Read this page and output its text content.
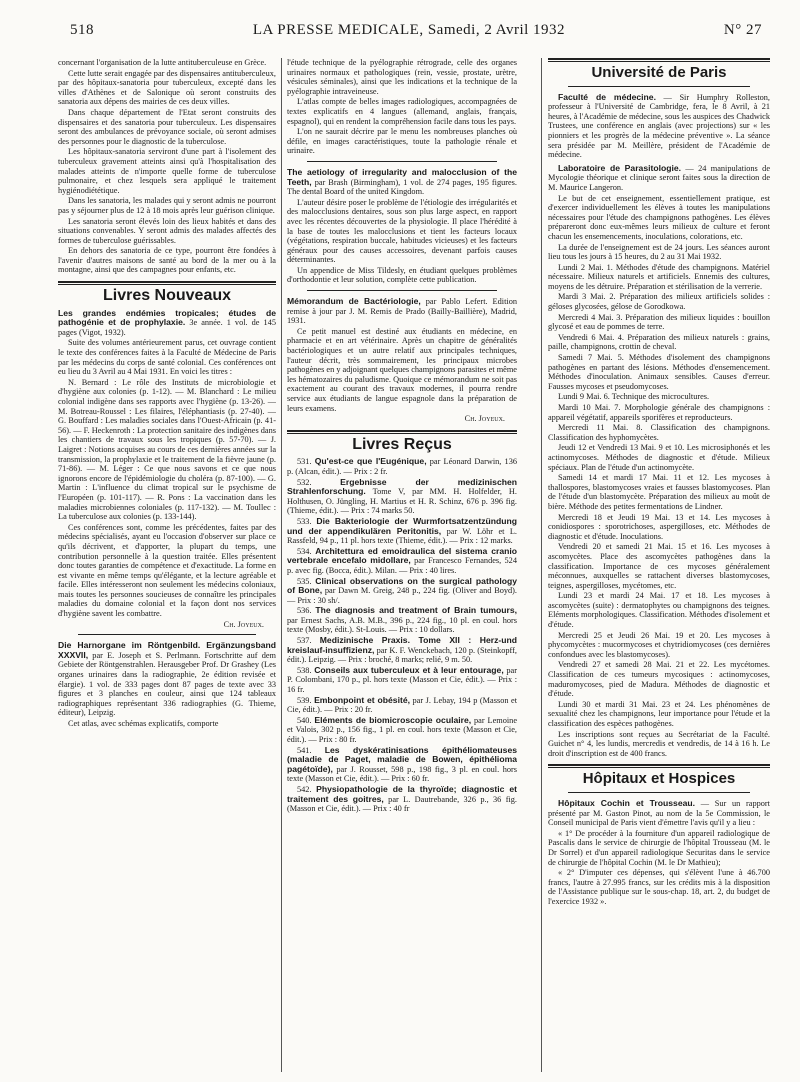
518	LA PRESSE MEDICALE, Samedi, 2 Avril 1932	N° 27

concernant l'organisation de la lutte antituberculeuse en Grèce.

Cette lutte serait engagée par des dispensaires antituberculeux, par des hôpitaux-sanatoria pour tuberculeux, excepté dans les villes d'Athènes et de Salonique où seront construits des sanatoria aux dépens des mairies de ces deux villes.

Dans chaque département de l'Etat seront construits des dispensaires et des sanatoria pour tuberculeux. Les dispensaires seront des ambulances de prévoyance sociale, où seront admises des personnes pour le diagnostic de la tuberculose.

Les hôpitaux-sanatoria serviront d'une part à l'isolement des tuberculeux gravement atteints ainsi qu'à l'hospitalisation des malades atteints de n'importe quelle forme de tuberculose pulmonaire, et chez lesquels sera appliqué le traitement hygiénodiététique.

Dans les sanatoria, les malades qui y seront admis ne pourront pas y séjourner plus de 12 à 18 mois après leur guérison clinique.

Les sanatoria seront élevés loin des lieux habités et dans des situations convenables. Y seront admis des malades affectés des formes de tuberculose guérissables.

En dehors des sanatoria de ce type, pourront être fondées à l'avenir d'autres maisons de santé au bord de la mer ou à la montagne, ainsi que des campagnes pour enfants, etc.

Livres Nouveaux

Les grandes endémies tropicales; études de pathogénie et de prophylaxie. 3e année. 1 vol. de 145 pages (Vigot, 1932).

Suite des volumes antérieurement parus, cet ouvrage contient le texte des conférences faites à la Faculté de Médecine de Paris par les médecins du corps de santé colonial. Ces conférences ont eu lieu du 3 Avril au 4 Mai 1931. En voici les titres :

N. Bernard : Le rôle des Instituts de microbiologie et d'hygiène aux colonies (p. 1-12). — M. Blanchard : Le milieu colonial indigène dans ses rapports avec l'hygiène (p. 13-26). — M. Botreau-Roussel : Les filaires, l'éléphantiasis (p. 27-40). — G. Bouffard : Les maladies sociales dans l'Ouest-Africain (p. 41-56). — F. Heckenroth : La protection sanitaire des indigènes dans les chantiers de travaux sous les tropiques (p. 57-70). — J. Laigret : Notions acquises au cours de ces dernières années sur la transmission, la prophylaxie et le traitement de la fièvre jaune (p. 71-86). — M. Léger : Ce que nous savons et ce que nous ignorons encore de l'épidémiologie du choléra (p. 87-100). — G. Martin : L'influence du climat tropical sur le psychisme de l'Européen (p. 101-117). — R. Pons : La vaccination dans les maladies microbiennes coloniales (p. 117-132). — M. Toullec : La tuberculose aux colonies (p. 133-144).

Ces conférences sont, comme les précédentes, faites par des médecins spécialisés, ayant eu l'occasion d'observer sur place ce qu'ils décrivent, et d'apporter, la plupart du temps, une contribution personnelle à la question traitée. Elles présentent donc toutes garanties de compétence et d'exactitude. La forme en est vivante en même temps qu'élégante, et la lecture agréable et facile. Elles intéresseront non seulement les médecins coloniaux, mais toutes les personnes soucieuses de connaître les principales maladies du domaine colonial et la façon dont nos services d'hygiène savent les combattre.

Ch. Joyeux.

Die Harnorgane im Röntgenbild. Ergänzungsband XXXVII, par E. Joseph et S. Perlmann. Fortschritte auf dem Gebiete der Röntgenstrahlen. Herausgeber Prof. Dr Grashey (Les organes urinaires dans la radiographie, 2e édition revisée et élargie). 1 vol. de 333 pages dont 87 pages de texte avec 33 figures et 3 planches en couleur, ainsi que 124 tableaux radiographiques représentant 336 radiographies (G. Thieme, éditeur), Leipzig.

Cet atlas, avec schémas explicatifs, comporte

l'étude technique de la pyélographie rétrograde, celle des organes urinaires normaux et pathologiques (rein, vessie, prostate, urètre, vésicules séminales), ainsi que les indications et la technique de la pyélographie intraveineuse.

L'atlas compte de belles images radiologiques, accompagnées de textes explicatifs en 4 langues (allemand, anglais, français, espagnol), qui en rendent la compréhension facile dans tous les pays.

L'on ne saurait décrire par le menu les nombreuses planches où défile, en images caractéristiques, toute la pathologie rénale et urinaire.

The aetiology of irregularity and malocclusion of the Teeth, par Brash (Birmingham), 1 vol. de 274 pages, 195 figures. The dental Board of the united Kingdom.

L'auteur désire poser le problème de l'étiologie des irrégularités et des malocclusions dentaires, sous son plus large aspect, en rapport avec les récentes découvertes de la physiologie. Il place l'hérédité à la base de toutes les malocclusions et tient les facteurs locaux (végétations, respiration buccale, habitudes vicieuses) et les facteurs généraux pour des causes accessoires, devenant parfois causes déterminantes.

Un appendice de Miss Tildesly, en étudiant quelques problèmes d'orthodontie et leur solution, complète cette publication.

Mémorandum de Bactériologie, par Pablo Lefert. Edition remise à jour par J. M. Remis de Prado (Bailly-Baillière), Madrid, 1931.

Ce petit manuel est destiné aux étudiants en médecine, en pharmacie et en art vétérinaire. Après un chapitre de généralités bactériologiques et un autre relatif aux principales techniques, l'auteur décrit, très sommairement, les principaux microbes pathogènes en y adjoignant quelques champignons parasites et même les hématozaires du paludisme. Quoique ce mémorandum ne soit pas exactement au courant des travaux modernes, il pourra rendre service aux étudiants de langue espagnole dans la préparation de leurs examens.

Ch. Joyeux.

Livres Reçus

531. Qu'est-ce que l'Eugénique, par Léonard Darwin, 136 p. (Alcan, édit.). — Prix : 2 fr.

532. Ergebnisse der medizinischen Strahlenforschung. Tome V, par MM. H. Holfelder, H. Holthusen, O. Jüngling, H. Martius et H. R. Schinz, 676 p. 396 fig. (Thieme, édit.). — Prix : 74 marks 50.

533. Die Bakteriologie der Wurmfortsatzentzündung und der appendikulären Peritonitis, par W. Löhr et L. Rassfeld, 94 p., 11 pl. hors texte (Thieme, édit.). — Prix : 12 marks.

534. Architettura ed emoidraulica del sistema cranio vertebrale encefalo midollare, par Francesco Fernandes, 524 p. avec fig. (Bocca, édit.). Milan. — Prix : 40 lires.

535. Clinical observations on the surgical pathology of Bone, par Dawn M. Greig, 248 p., 224 fig. (Oliver and Boyd). — Prix : 30 sh/.

536. The diagnosis and treatment of Brain tumours, par Ernest Sachs, A.B. M.B., 396 p., 224 fig., 10 pl. en coul. hors texte (Mosby, édit.). St-Louis. — Prix : 10 dollars.

537. Medizinische Praxis. Tome XII : Herz-und kreislauf-insuffizienz, par K. F. Wenckebach, 120 p. (Steinkopff, édit.). Leipzig. — Prix : broché, 8 marks; relié, 9 m. 50.

538. Conseils aux tuberculeux et à leur entourage, par P. Colombani, 170 p., pl. hors texte (Masson et Cie, édit.). — Prix : 16 fr.

539. Embonpoint et obésité, par J. Lebay, 194 p (Masson et Cie, édit.). — Prix : 20 fr.

540. Eléments de biomicroscopie oculaire, par Lemoine et Valois, 302 p., 156 fig., 1 pl. en coul. hors texte (Masson et Cie, édit.). — Prix : 80 fr.

541. Les dyskératinisations épithéliomateuses (maladie de Paget, maladie de Bowen, épithélioma pagétoïde), par J. Rousset, 598 p., 198 fig., 3 pl. en coul. hors texte (Masson et Cie, édit.). — Prix : 60 fr.

542. Physiopathologie de la thyroïde; diagnostic et traitement des goitres, par L. Dautrebande, 326 p., 36 fig. (Masson et Cie, édit.). — Prix : 40 fr

Université de Paris

Faculté de médecine. — Sir Humphry Rolleston, professeur à l'Université de Cambridge, fera, le 8 Avril, à 21 heures, à l'Académie de médecine, sous les auspices des Chadwick Trustees, une conférence en anglais (avec projections) sur « les pionniers et les progrès de la médecine préventive ». La séance sera présidée par M. Meillère, président de l'Académie de médecine.

Laboratoire de Parasitologie. — 24 manipulations de Mycologie théorique et clinique seront faites sous la direction de M. Maurice Langeron.

Le but de cet enseignement, essentiellement pratique, est d'exercer individuellement les élèves à toutes les manipulations nécessaires pour l'étude des champignons pathogènes. Les élèves prépareront donc eux-mêmes leurs milieux de culture et feront chacun les ensemencements, inoculations, colorations, etc.

La durée de l'enseignement est de 24 jours. Les séances auront lieu tous les jours à 15 heures, du 2 au 31 Mai 1932.

Lundi 2 Mai. 1. Méthodes d'étude des champignons. Matériel nécessaire. Milieux naturels et artificiels. Ennemis des cultures, moyens de les détruire. Préparation et stérilisation de la verrerie.

Mardi 3 Mai. 2. Préparation des milieux artificiels solides : géloses glycosées, gélose de Gorodkowa.

Mercredi 4 Mai. 3. Préparation des milieux liquides : bouillon glycosé et eau de pommes de terre.

Vendredi 6 Mai. 4. Préparation des milieux naturels : grains, paille, champignons, crottin de cheval.

Samedi 7 Mai. 5. Méthodes d'isolement des champignons pathogènes en partant des lésions. Méthodes d'ensemencement. Méthodes d'inoculation. Animaux sensibles. Causes d'erreur. Fausses mycoses et pseudomycoses.

Lundi 9 Mai. 6. Technique des microcultures.

Mardi 10 Mai. 7. Morphologie générale des champignons : appareil végétatif, appareils sporifères et reproducteurs.

Mercredi 11 Mai. 8. Classification des champignons. Classification des hyphomycètes.

Jeudi 12 et Vendredi 13 Mai. 9 et 10. Les microsiphonés et les actinomycoses. Méthodes de diagnostic et d'étude. Milieux spéciaux. Plan de l'étude d'un actinomycète.

Samedi 14 et mardi 17 Mai. 11 et 12. Les mycoses à thallospores, blastomycoses vraies et fausses blastomycoses. Plan de l'étude d'un blastomycète. Préparation des milieux au moût de bière. Méthode des petites fermentations de Lindner.

Mercredi 18 et Jeudi 19 Mai. 13 et 14. Les mycoses à conidiospores : sporotrichoses, aspergilloses, etc. Méthodes de diagnostic et d'étude. Inoculations.

Vendredi 20 et samedi 21 Mai. 15 et 16. Les mycoses à ascomycètes. Place des ascomycètes pathogènes dans la classification. Importance de ces mycoses généralement méconnues, auxquelles se rattachent diverses blastomycoses, teignes, aspergilloses, mycétomes, etc.

Lundi 23 et mardi 24 Mai. 17 et 18. Les mycoses à ascomycètes (suite) : dermatophytes ou champignons des teignes. Eléments morphologiques. Classification. Méthodes d'isolement et d'étude.

Mercredi 25 et Jeudi 26 Mai. 19 et 20. Les mycoses à phycomycètes : mucormycoses et chytridiomycoses (ces dernières confondues avec les blastomycoses).

Vendredi 27 et samedi 28 Mai. 21 et 22. Les mycétomes. Classification de ces tumeurs mycosiques : actinomycoses, maduromycoses, pied de Madura. Méthodes de diagnostic et d'étude.

Lundi 30 et mardi 31 Mai. 23 et 24. Les phénomènes de sexualité chez les champignons, leur importance pour l'étude et la classification des espèces pathogènes.

Les inscriptions sont reçues au Secrétariat de la Faculté. Guichet n° 4, les lundis, mercredis et vendredis, de 14 à 16 h. Le droit d'inscription est de 400 francs.

Hôpitaux et Hospices

Hôpitaux Cochin et Trousseau. — Sur un rapport présenté par M. Gaston Pinot, au nom de la 5e Commission, le Conseil municipal de Paris vient d'émettre l'avis qu'il y a lieu :

« 1° De procéder à la fourniture d'un appareil radiologique de Pascalis dans le service de chirurgie de l'hôpital Trousseau (M. le Dr Sorrel) et d'un appareil radiologique Securitas dans le service de chirurgie de l'hôpital Cochin (M. le Dr Mathieu);

« 2° D'imputer ces dépenses, qui s'élèvent l'une à 46.700 francs, l'autre à 27.995 francs, sur les crédits mis à la disposition de l'Assistance publique sur le sous-chap. 18, art. 2, du budget de l'exercice 1932 ».
